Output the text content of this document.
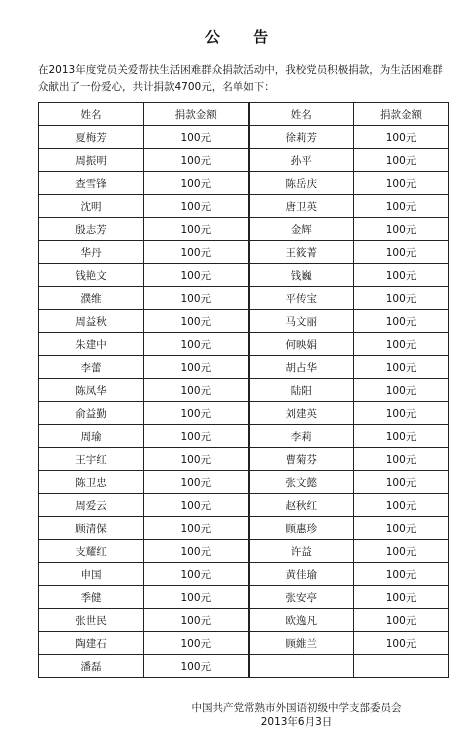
公 告
在2013年度党员关爱帮扶生活困难群众捐款活动中，我校党员积极捐款，为生活困难群众献出了一份爱心，共计捐款4700元，名单如下：
姓名	捐款金额	姓名	捐款金额
夏梅芳	100元	徐莉芳	100元
周振明	100元	孙平	100元
查雪锋	100元	陈岳庆	100元
沈明	100元	唐卫英	100元
殷志芳	100元	金辉	100元
华丹	100元	王筱菁	100元
钱艳文	100元	钱巍	100元
濮维	100元	平传宝	100元
周益秋	100元	马文丽	100元
朱建中	100元	何映娟	100元
李蕾	100元	胡占华	100元
陈凤华	100元	陆阳	100元
俞益勤	100元	刘建英	100元
周瑜	100元	李莉	100元
王宇红	100元	曹菊芬	100元
陈卫忠	100元	张文懿	100元
周爱云	100元	赵秋红	100元
顾清保	100元	顾惠珍	100元
支耀红	100元	许益	100元
申国	100元	黄佳瑜	100元
季健	100元	张安亭	100元
张世民	100元	欧逸凡	100元
陶建石	100元	顾維兰	100元
潘磊	100元		
中国共产党常熟市外国语初级中学支部委员会
2013年6月3日
